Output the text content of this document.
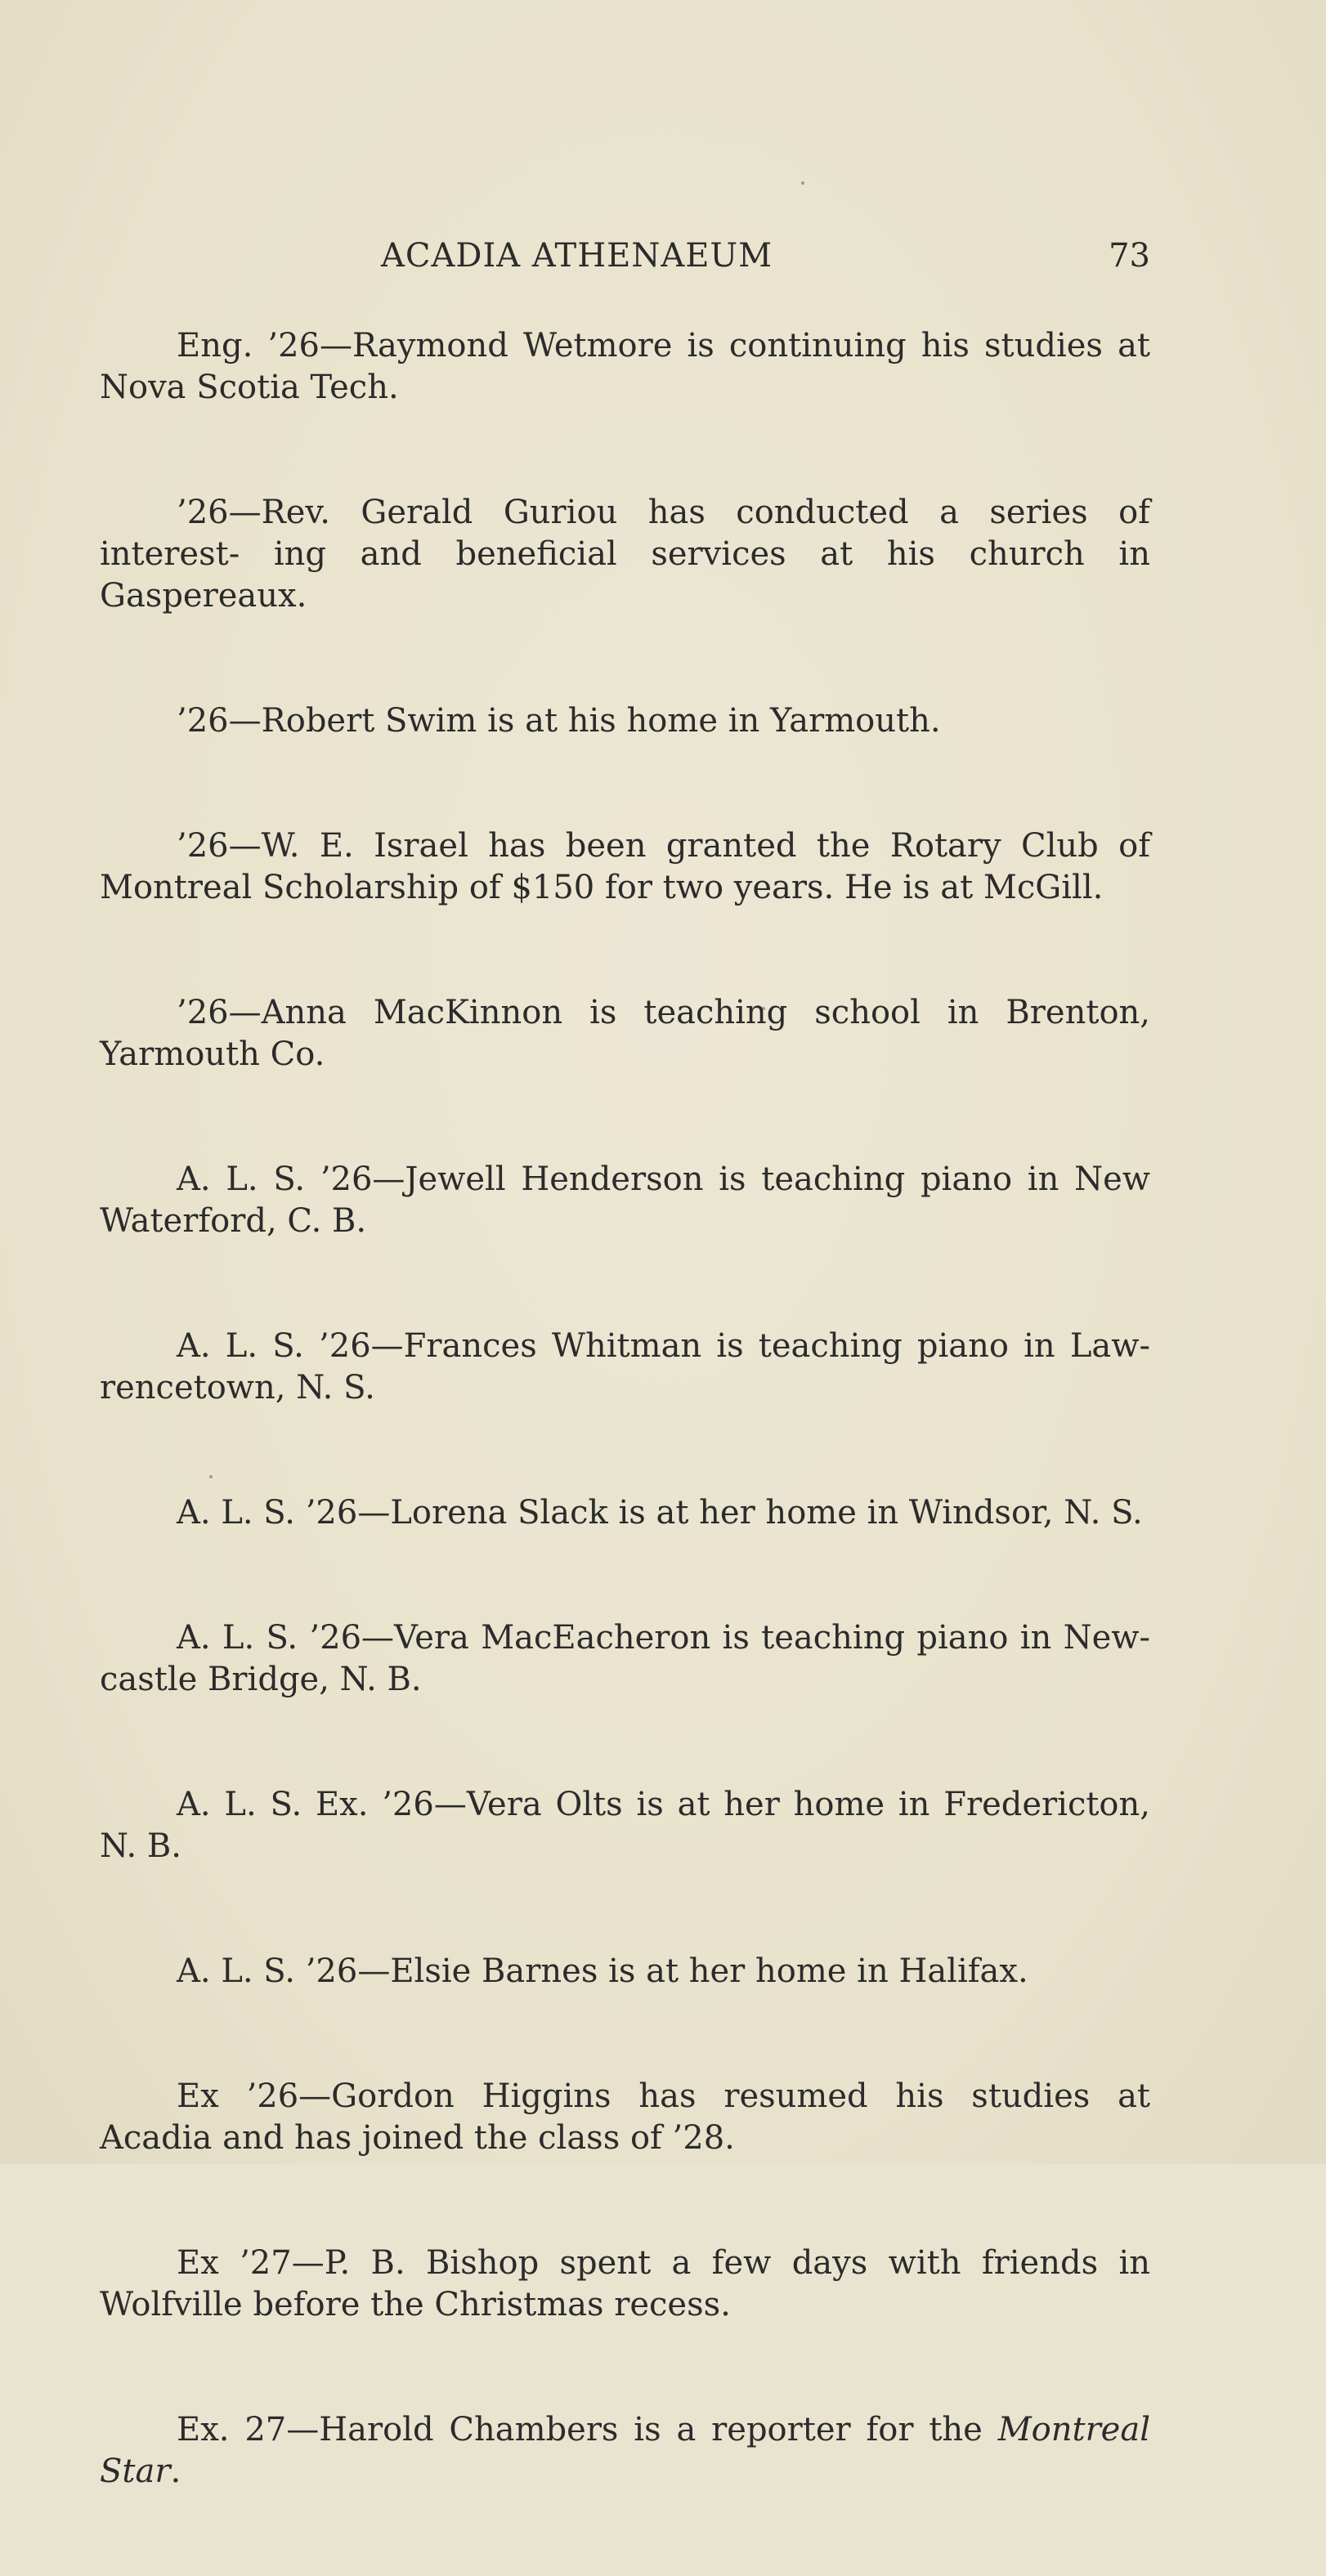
ACADIA ATHENAEUM	73

Eng. ’26—Raymond Wetmore is continuing his studies at Nova Scotia Tech.

’26—Rev. Gerald Guriou has conducted a series of interest- ing and beneficial services at his church in Gaspereaux.

’26—Robert Swim is at his home in Yarmouth.

’26—W. E. Israel has been granted the Rotary Club of Montreal Scholarship of $150 for two years. He is at McGill.

’26—Anna MacKinnon is teaching school in Brenton, Yarmouth Co.

A. L. S. ’26—Jewell Henderson is teaching piano in New Waterford, C. B.

A. L. S. ’26—Frances Whitman is teaching piano in Law- rencetown, N. S.

A. L. S. ’26—Lorena Slack is at her home in Windsor, N. S.

A. L. S. ’26—Vera MacEacheron is teaching piano in New- castle Bridge, N. B.

A. L. S. Ex. ’26—Vera Olts is at her home in Fredericton, N. B.

A. L. S. ’26—Elsie Barnes is at her home in Halifax.

Ex ’26—Gordon Higgins has resumed his studies at Acadia and has joined the class of ’28.

Ex ’27—P. B. Bishop spent a few days with friends in Wolfville before the Christmas recess.

Ex. 27—Harold Chambers is a reporter for the Montreal Star.
